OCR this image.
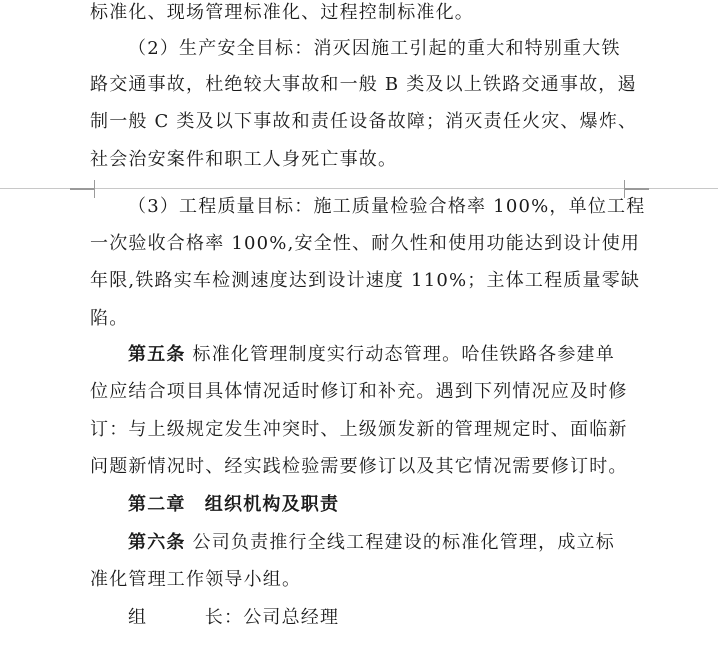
标准化、现场管理标准化、过程控制标准化。
（2）生产安全目标：消灭因施工引起的重大和特别重大铁
路交通事故，杜绝较大事故和一般 B 类及以上铁路交通事故，遏
制一般 C 类及以下事故和责任设备故障；消灭责任火灾、爆炸、
社会治安案件和职工人身死亡事故。
（3）工程质量目标：施工质量检验合格率 100%，单位工程
一次验收合格率 100%,安全性、耐久性和使用功能达到设计使用
年限,铁路实车检测速度达到设计速度 110%；主体工程质量零缺
陷。
第五条 标准化管理制度实行动态管理。哈佳铁路各参建单
位应结合项目具体情况适时修订和补充。遇到下列情况应及时修
订：与上级规定发生冲突时、上级颁发新的管理规定时、面临新
问题新情况时、经实践检验需要修订以及其它情况需要修订时。
第二章　组织机构及职责
第六条 公司负责推行全线工程建设的标准化管理，成立标
准化管理工作领导小组。
组　　　长：公司总经理
